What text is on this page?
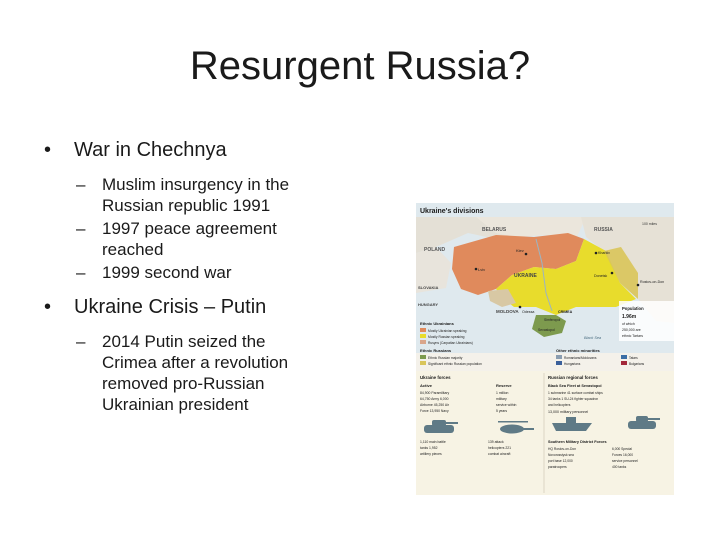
Resurgent Russia?
• War in Chechnya
– Muslim insurgency in the
Russian republic 1991
– 1997 peace agreement
reached
– 1999 second war
• Ukraine Crisis – Putin
– 2014 Putin seized the
Crimea after a revolution
removed pro-Russian
Ukrainian president
Ukraine's divisions
100 miles
BELARUS	RUSSIA
POLAND
UKRAINE
SLOVAKIA
HUNGARY
MOLDOVA
Kiev
Lviv
Kharkiv
Donetsk
Rostov-on-Don
Odessa	CRIMEA
Simferopol
Sevastopol
Black Sea
Population
1.96m
of which
250,000 are
ethnic Tartars
Ethnic Ukrainians
Mostly Ukrainian speaking
Mostly Russian speaking
Rusyns (Carpatian Ukrainians)
Ethnic Russians
Ethnic Russian majority
Significant ethnic Russian population
Other ethnic minorities
Romanians/Moldovans	Tatars
Hungarians	Bulgarians
Ukraine forces
Active
84,900 Paramilitary
64,750 Army 6,000
Airborne 45,250 Air
Force 13,950 Navy
Reserve
1 million
military
service within
5 years
1,110 main battle
tanks 1,952
artillery pieces
139 attack
helicopters 221
combat aircraft
Russian regional forces
Black Sea Fleet at Sevastopol
1 submarine 41 surface combat ships
34 tanks 1 SU-24 fighter squadron
and helicopters
13,000 military personnel
Southern Military District Forces
HQ Rostov-on-Don
Novorossiysk sea
port base 12,000
paratroopers
6,000 Special
Forces 16,000
service personnel
400 tanks
